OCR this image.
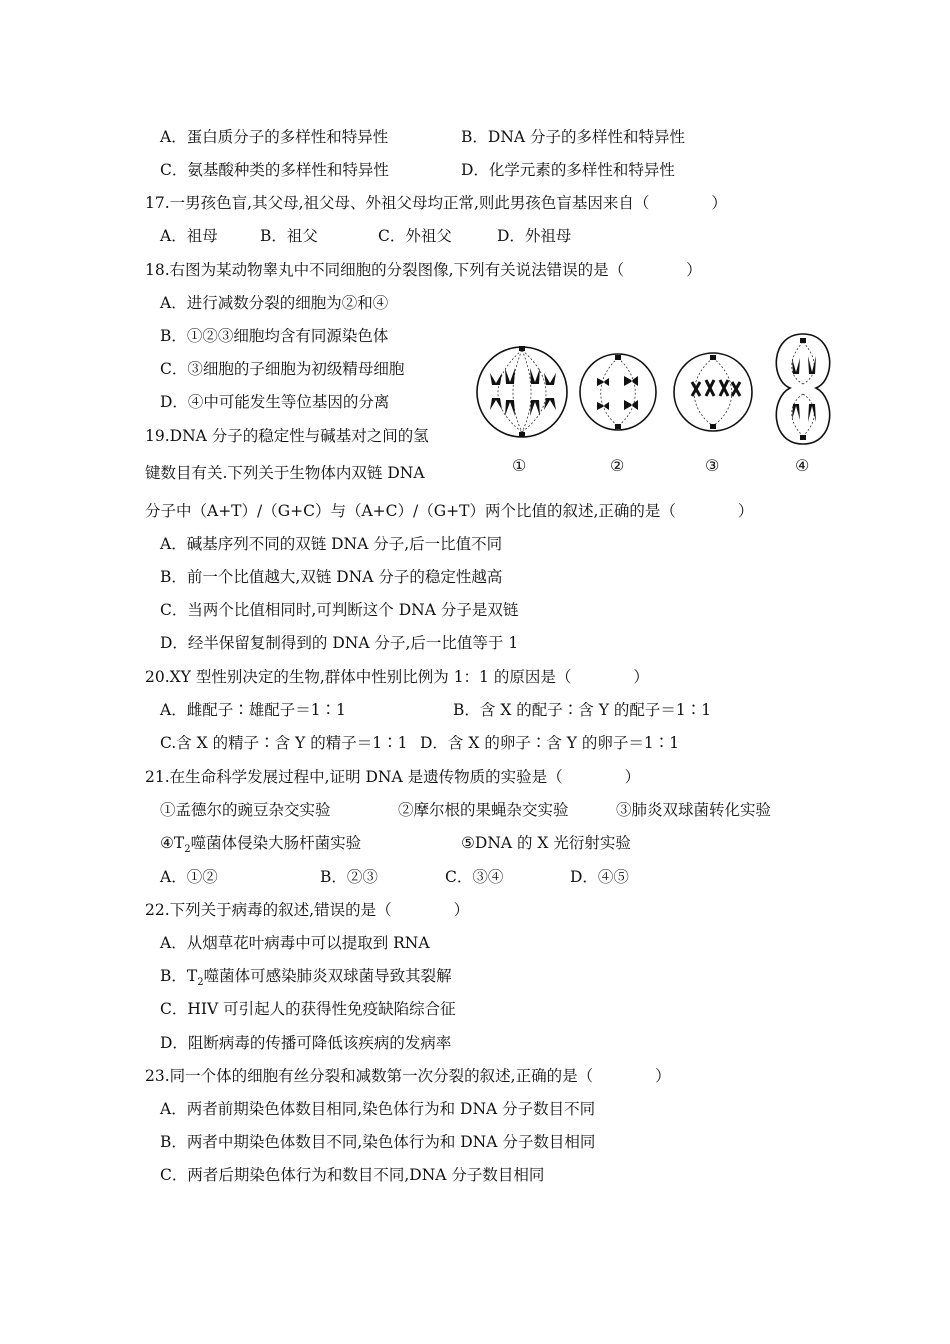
A．蛋白质分子的多样性和特异性	B．DNA 分子的多样性和特异性
C．氨基酸种类的多样性和特异性	D．化学元素的多样性和特异性
17.一男孩色盲,其父母,祖父母、外祖父母均正常,则此男孩色盲基因来自（　　　　）
A．祖母	B．祖父	C．外祖父	D．外祖母
18.右图为某动物睾丸中不同细胞的分裂图像,下列有关说法错误的是（　　　　）
A．进行减数分裂的细胞为②和④
B．①②③细胞均含有同源染色体
C．③细胞的子细胞为初级精母细胞
D．④中可能发生等位基因的分离
①	②	③	④
19.DNA 分子的稳定性与碱基对之间的氢
键数目有关.下列关于生物体内双链 DNA
分子中（A+T）/（G+C）与（A+C）/（G+T）两个比值的叙述,正确的是（　　　　）
A．碱基序列不同的双链 DNA 分子,后一比值不同
B．前一个比值越大,双链 DNA 分子的稳定性越高
C．当两个比值相同时,可判断这个 DNA 分子是双链
D．经半保留复制得到的 DNA 分子,后一比值等于 1
20.XY 型性别决定的生物,群体中性别比例为 1：1 的原因是（　　　　）
A．雌配子∶雄配子＝1∶1	B．含 X 的配子∶含 Y 的配子＝1∶1
C.含 X 的精子∶含 Y 的精子＝1∶1 D．含 X 的卵子∶含 Y 的卵子＝1∶1
21.在生命科学发展过程中,证明 DNA 是遗传物质的实验是（　　　　）
①孟德尔的豌豆杂交实验	②摩尔根的果蝇杂交实验	③肺炎双球菌转化实验
$④T_2$噬菌体侵染大肠杆菌实验	⑤DNA 的 X 光衍射实验
A．①②	B．②③	C．③④	D．④⑤
22.下列关于病毒的叙述,错误的是（　　　　）
A．从烟草花叶病毒中可以提取到 RNA
B．$T_2$噬菌体可感染肺炎双球菌导致其裂解
C．HIV 可引起人的获得性免疫缺陷综合征
D．阻断病毒的传播可降低该疾病的发病率
23.同一个体的细胞有丝分裂和减数第一次分裂的叙述,正确的是（　　　　）
A．两者前期染色体数目相同,染色体行为和 DNA 分子数目不同
B．两者中期染色体数目不同,染色体行为和 DNA 分子数目相同
C．两者后期染色体行为和数目不同,DNA 分子数目相同
